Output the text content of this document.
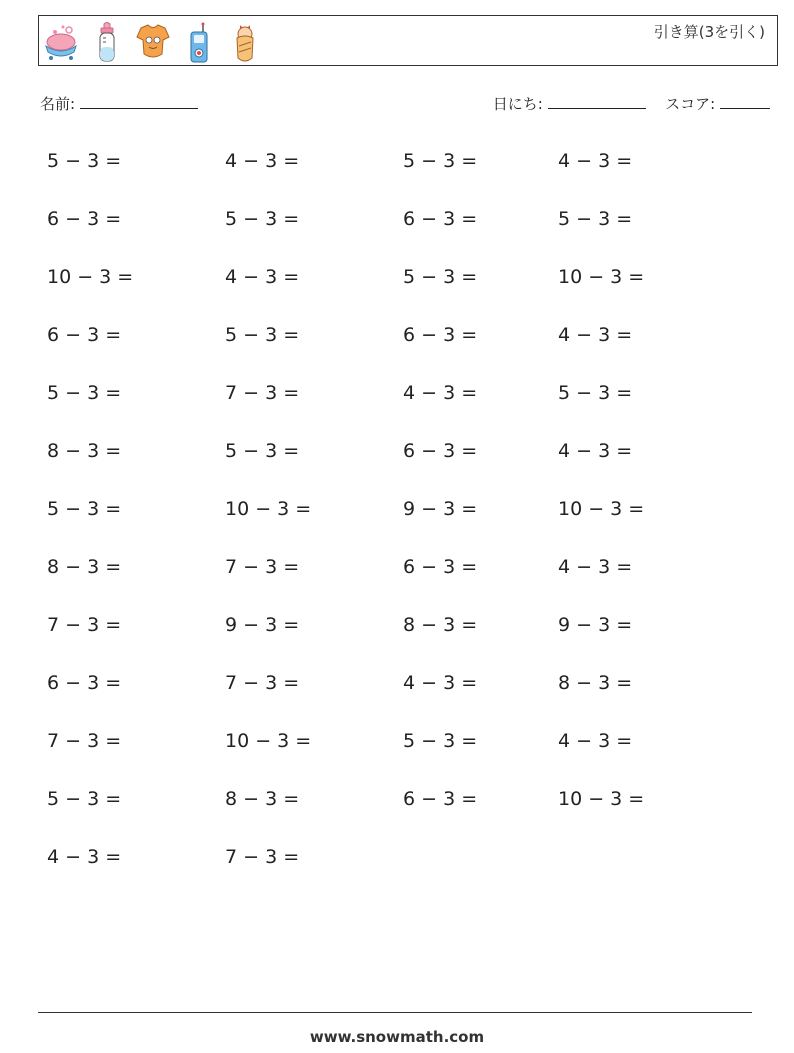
引き算(3を引く)
名前:	日にち:	スコア:
5 − 3 =	4 − 3 =	5 − 3 =	4 − 3 =
6 − 3 =	5 − 3 =	6 − 3 =	5 − 3 =
10 − 3 =	4 − 3 =	5 − 3 =	10 − 3 =
6 − 3 =	5 − 3 =	6 − 3 =	4 − 3 =
5 − 3 =	7 − 3 =	4 − 3 =	5 − 3 =
8 − 3 =	5 − 3 =	6 − 3 =	4 − 3 =
5 − 3 =	10 − 3 =	9 − 3 =	10 − 3 =
8 − 3 =	7 − 3 =	6 − 3 =	4 − 3 =
7 − 3 =	9 − 3 =	8 − 3 =	9 − 3 =
6 − 3 =	7 − 3 =	4 − 3 =	8 − 3 =
7 − 3 =	10 − 3 =	5 − 3 =	4 − 3 =
5 − 3 =	8 − 3 =	6 − 3 =	10 − 3 =
4 − 3 =	7 − 3 =
www.snowmath.com
